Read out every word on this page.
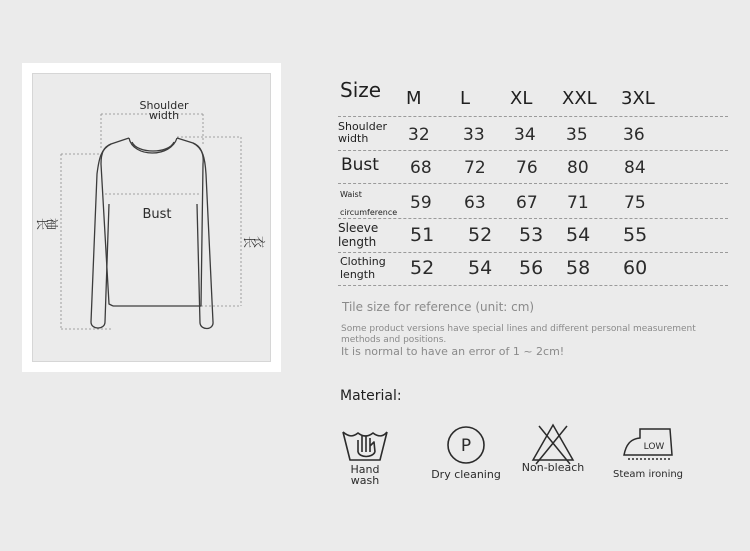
Shoulder
width
Bust
袖长
衣长
Size M L XL XXL 3XL
Shoulder
width	32 33 34 35 36
Bust 68 72 76 80 84
Waist
circumference 59 63 67 71 75
Sleeve
length 51 52 53 54 55
Clothing
length	52 54 56 58 60
Tile size for reference (unit: cm)
Some product versions have special lines and different personal measurement methods and positions.
It is normal to have an error of 1 ~ 2cm!
Material:
Hand
wash
P
Dry cleaning
Non-bleach
LOW
Steam ironing
